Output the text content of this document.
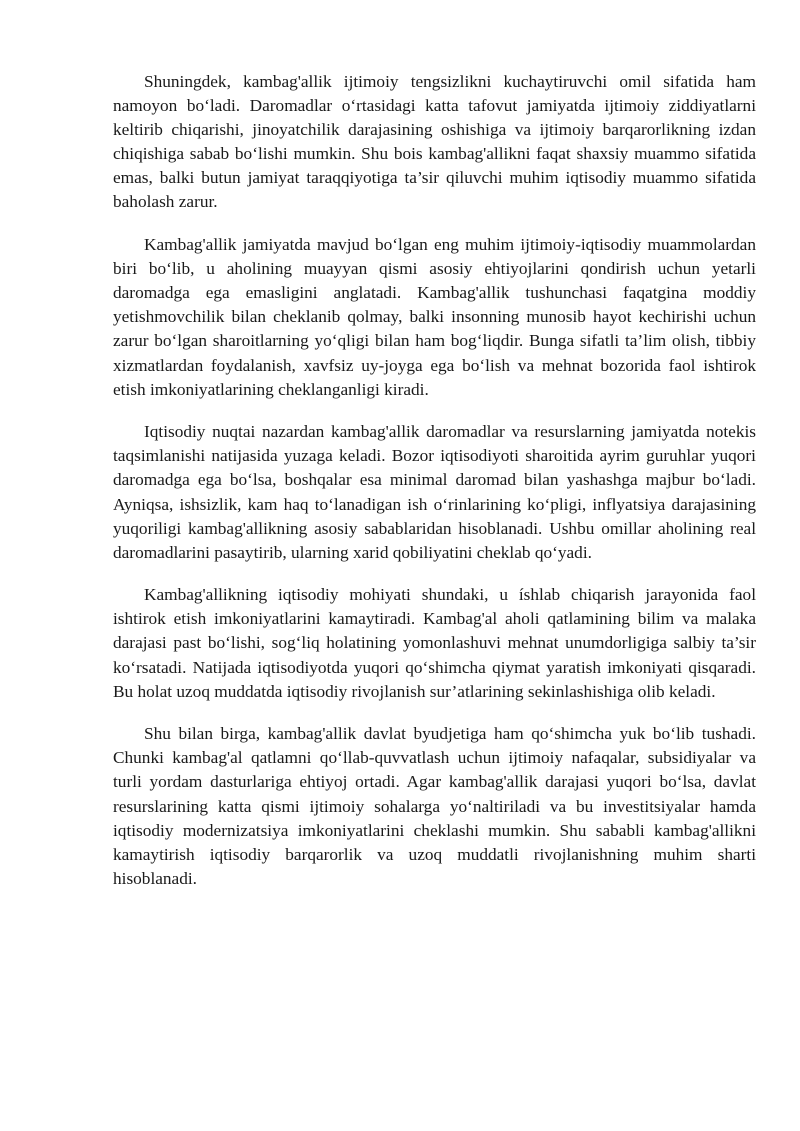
Shuningdek, kambag'allik ijtimoiy tengsizlikni kuchaytiruvchi omil sifatida ham namoyon bo‘ladi. Daromadlar o‘rtasidagi katta tafovut jamiyatda ijtimoiy ziddiyatlarni keltirib chiqarishi, jinoyatchilik darajasining oshishiga va ijtimoiy barqarorlikning izdan chiqishiga sabab bo‘lishi mumkin. Shu bois kambag'allikni faqat shaxsiy muammo sifatida emas, balki butun jamiyat taraqqiyotiga ta’sir qiluvchi muhim iqtisodiy muammo sifatida baholash zarur.

Kambag'allik jamiyatda mavjud bo‘lgan eng muhim ijtimoiy-iqtisodiy muammolardan biri bo‘lib, u aholining muayyan qismi asosiy ehtiyojlarini qondirish uchun yetarli daromadga ega emasligini anglatadi. Kambag'allik tushunchasi faqatgina moddiy yetishmovchilik bilan cheklanib qolmay, balki insonning munosib hayot kechirishi uchun zarur bo‘lgan sharoitlarning yo‘qligi bilan ham bog‘liqdir. Bunga sifatli ta’lim olish, tibbiy xizmatlardan foydalanish, xavfsiz uy-joyga ega bo‘lish va mehnat bozorida faol ishtirok etish imkoniyatlarining cheklanganligi kiradi.

Iqtisodiy nuqtai nazardan kambag'allik daromadlar va resurslarning jamiyatda notekis taqsimlanishi natijasida yuzaga keladi. Bozor iqtisodiyoti sharoitida ayrim guruhlar yuqori daromadga ega bo‘lsa, boshqalar esa minimal daromad bilan yashashga majbur bo‘ladi. Ayniqsa, ishsizlik, kam haq to‘lanadigan ish o‘rinlarining ko‘pligi, inflyatsiya darajasining yuqoriligi kambag'allikning asosiy sabablaridan hisoblanadi. Ushbu omillar aholining real daromadlarini pasaytirib, ularning xarid qobiliyatini cheklab qo‘yadi.

Kambag'allikning iqtisodiy mohiyati shundaki, u íshlab chiqarish jarayonida faol ishtirok etish imkoniyatlarini kamaytiradi. Kambag'al aholi qatlamining bilim va malaka darajasi past bo‘lishi, sog‘liq holatining yomonlashuvi mehnat unumdorligiga salbiy ta’sir ko‘rsatadi. Natijada iqtisodiyotda yuqori qo‘shimcha qiymat yaratish imkoniyati qisqaradi. Bu holat uzoq muddatda iqtisodiy rivojlanish sur’atlarining sekinlashishiga olib keladi.

Shu bilan birga, kambag'allik davlat byudjetiga ham qo‘shimcha yuk bo‘lib tushadi. Chunki kambag'al qatlamni qo‘llab-quvvatlash uchun ijtimoiy nafaqalar, subsidiyalar va turli yordam dasturlariga ehtiyoj ortadi. Agar kambag'allik darajasi yuqori bo‘lsa, davlat resurslarining katta qismi ijtimoiy sohalarga yo‘naltiriladi va bu investitsiyalar hamda iqtisodiy modernizatsiya imkoniyatlarini cheklashi mumkin. Shu sababli kambag'allikni kamaytirish iqtisodiy barqarorlik va uzoq muddatli rivojlanishning muhim sharti hisoblanadi.
